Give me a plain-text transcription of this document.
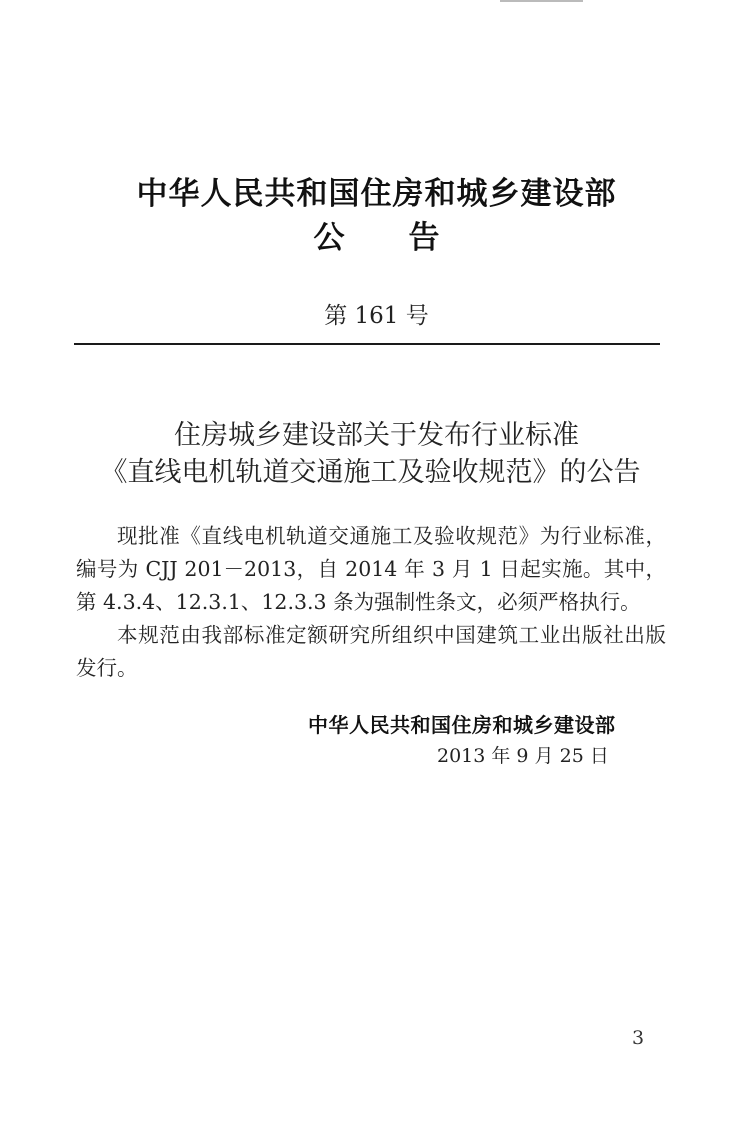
中华人民共和国住房和城乡建设部
公 告
第 161 号
住房城乡建设部关于发布行业标准
《直线电机轨道交通施工及验收规范》的公告

现批准《直线电机轨道交通施工及验收规范》为行业标准，编号为 CJJ 201－2013，自 2014 年 3 月 1 日起实施。其中，第 4.3.4、12.3.1、12.3.3 条为强制性条文，必须严格执行。

本规范由我部标准定额研究所组织中国建筑工业出版社出版发行。

中华人民共和国住房和城乡建设部
2013 年 9 月 25 日
3
